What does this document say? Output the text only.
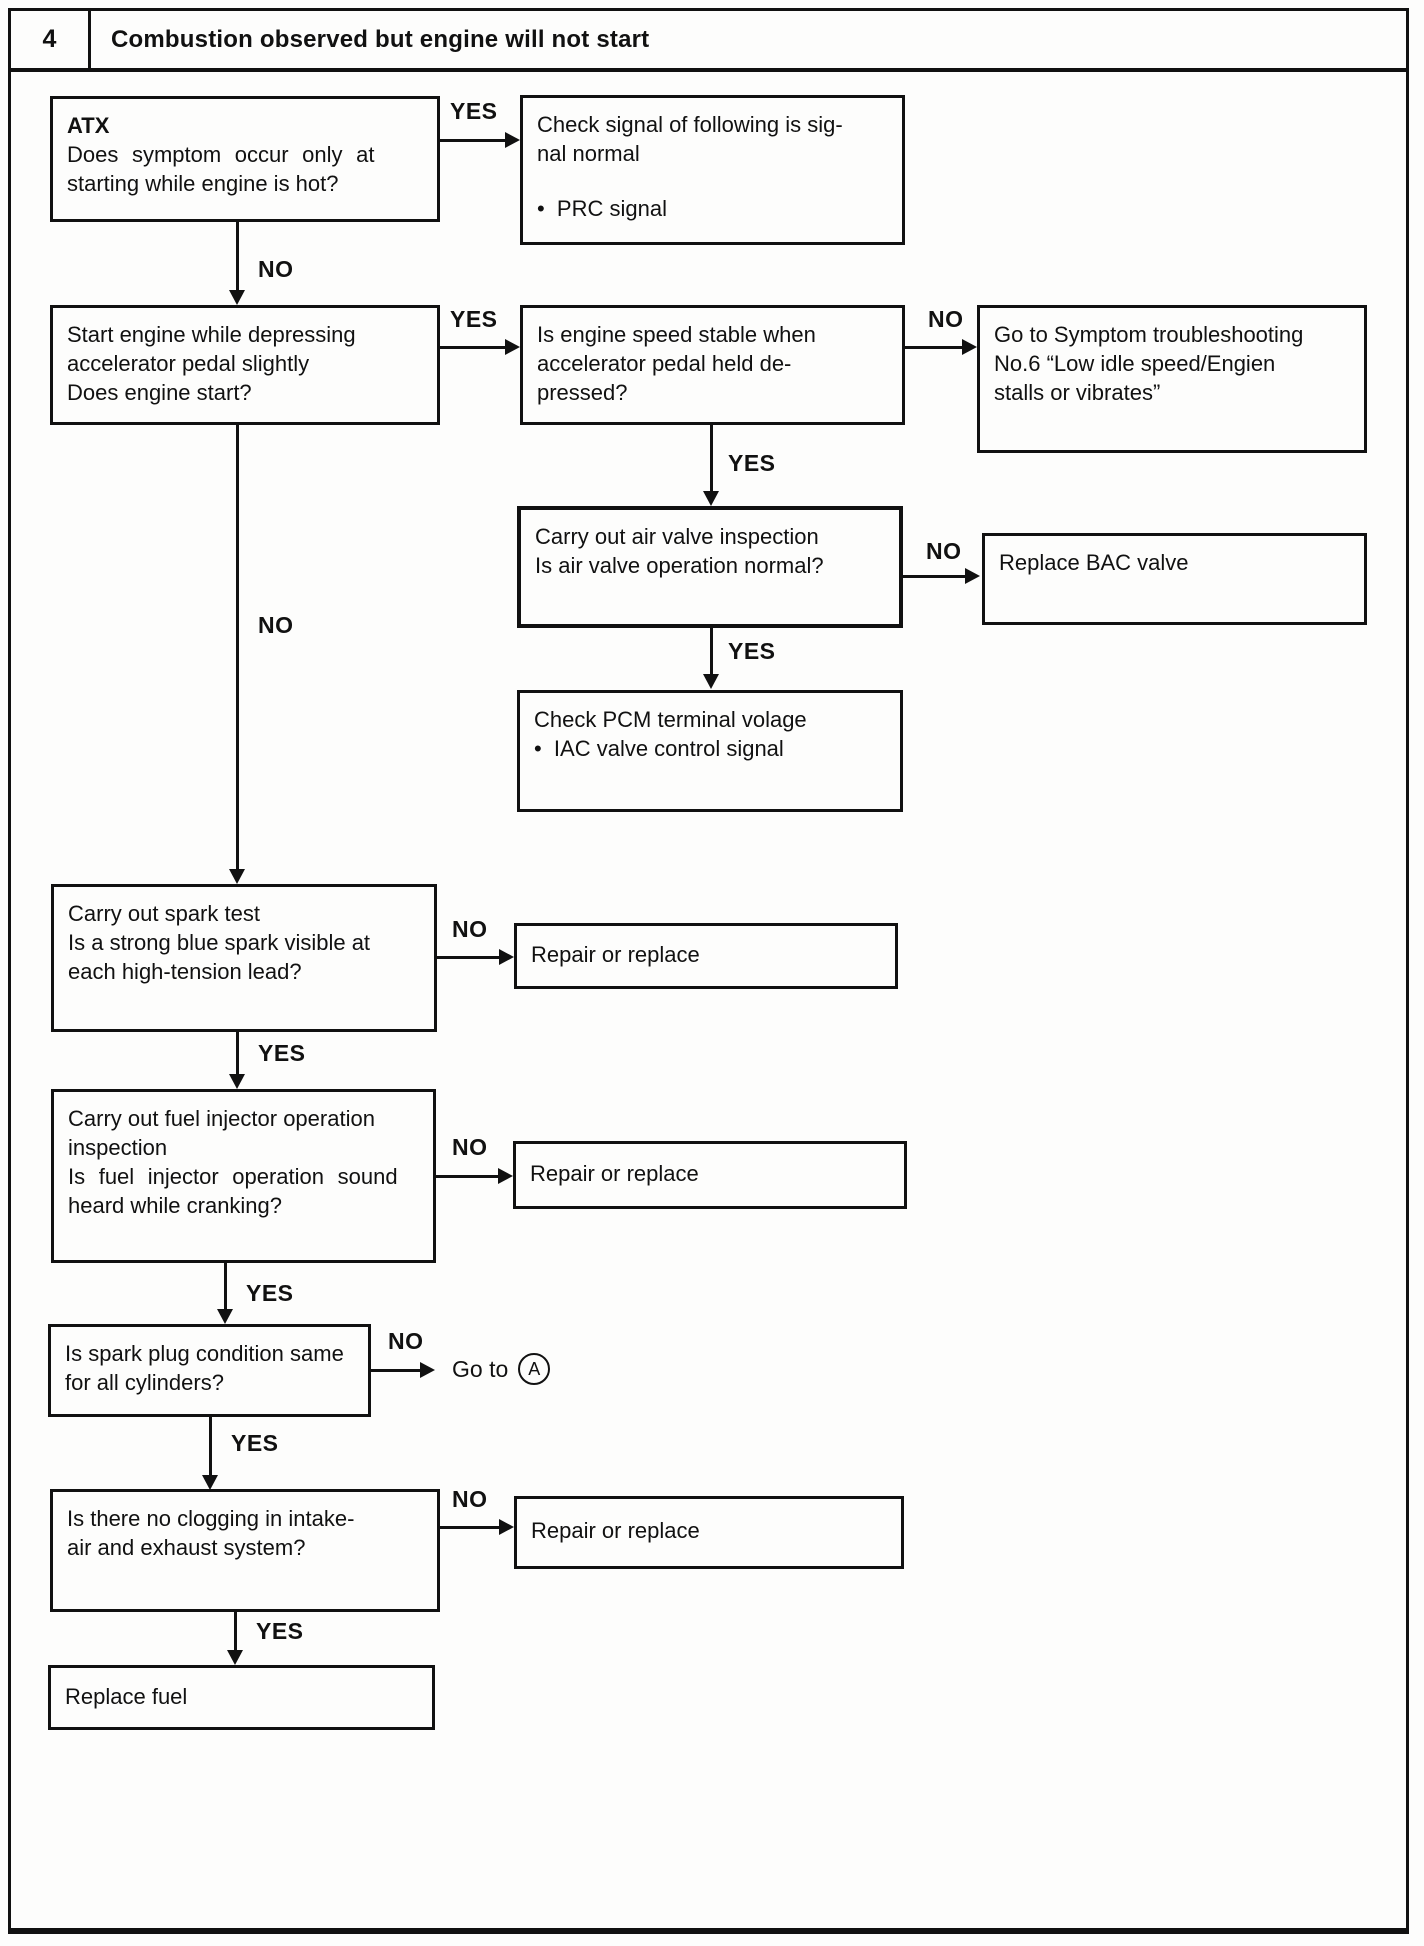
4	Combustion observed but engine will not start
ATX
Does symptom occur only at
starting while engine is hot?
Check signal of following is sig-
nal normal
•  PRC signal
Start engine while depressing
accelerator pedal slightly
Does engine start?
Is engine speed stable when
accelerator pedal held de-
pressed?
Go to Symptom troubleshooting
No.6 “Low idle speed/Engien
stalls or vibrates”
Carry out air valve inspection
Is air valve operation normal?	Replace BAC valve
Check PCM terminal volage
•  IAC valve control signal
Carry out spark test
Is a strong blue spark visible at
each high-tension lead?
Repair or replace
Carry out fuel injector operation
inspection
Is fuel injector operation sound
heard while cranking?
Repair or replace
Is spark plug condition same
for all cylinders?
Go to	A
Is there no clogging in intake-
air and exhaust system?
Repair or replace
Replace fuel
YES
NO
YES	NO
YES
NO
YES
NO
NO
YES
NO
YES
NO
YES
NO
YES
